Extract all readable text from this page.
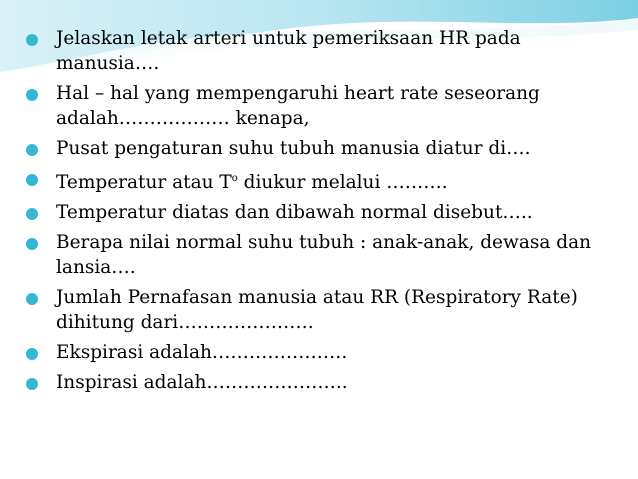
Jelaskan letak arteri untuk pemeriksaan HR pada manusia….
Hal – hal yang mempengaruhi heart rate seseorang adalah……………… kenapa,
Pusat pengaturan suhu tubuh manusia diatur di….
Temperatur atau $T^o$ diukur melalui ……….
Temperatur diatas dan dibawah normal disebut…..
Berapa nilai normal suhu tubuh : anak-anak, dewasa dan lansia….
Jumlah Pernafasan manusia atau RR (Respiratory Rate) dihitung dari………………….
Ekspirasi adalah………………….
Inspirasi adalah…………………..
